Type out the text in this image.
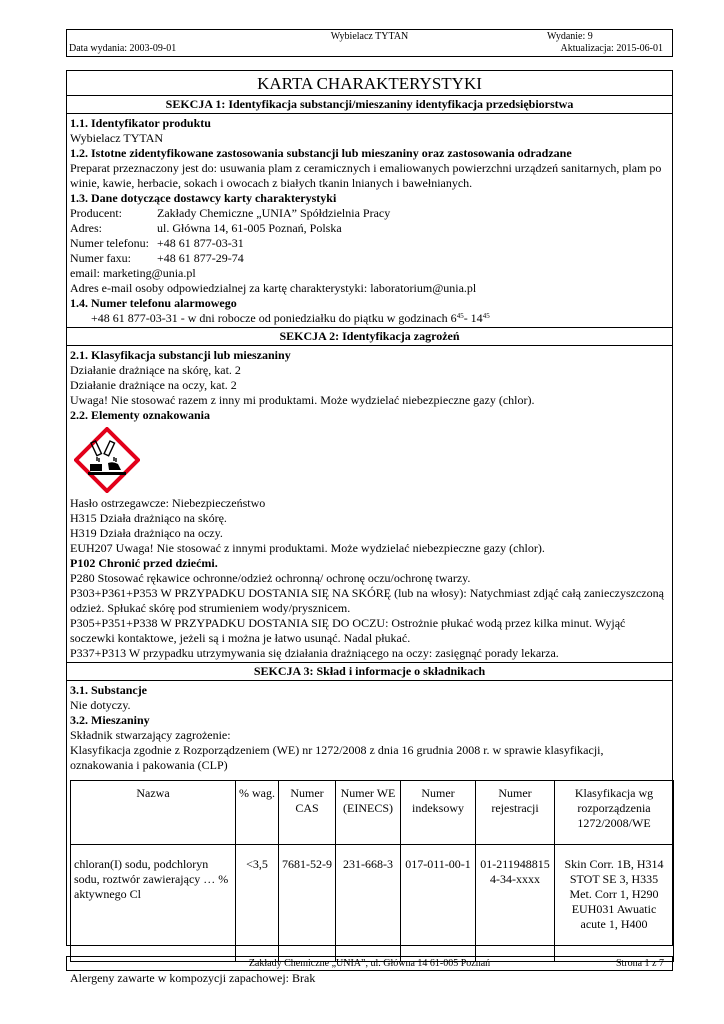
Wybielacz TYTAN	Wydanie: 9
Data wydania: 2003-09-01	Aktualizacja: 2015-06-01
KARTA CHARAKTERYSTYKI
SEKCJA 1: Identyfikacja substancji/mieszaniny identyfikacja przedsiębiorstwa

1.1. Identyfikator produktu

Wybielacz TYTAN

1.2. Istotne zidentyfikowane zastosowania substancji lub mieszaniny oraz zastosowania odradzane

Preparat przeznaczony jest do: usuwania plam z ceramicznych i emaliowanych powierzchni urządzeń sanitarnych, plam po winie, kawie, herbacie, sokach i owocach z białych tkanin lnianych i bawełnianych.

1.3. Dane dotyczące dostawcy karty charakterystyki

Producent:	Zakłady Chemiczne „UNIA” Spółdzielnia Pracy
Adres:	ul. Główna 14, 61-005 Poznań, Polska
Numer telefonu: +48 61 877-03-31
Numer faxu:	+48 61 877-29-74

email: marketing@unia.pl

Adres e-mail osoby odpowiedzialnej za kartę charakterystyki: laboratorium@unia.pl

1.4. Numer telefonu alarmowego

+48 61 877-03-31 - w dni robocze od poniedziałku do piątku w godzinach $6^{45}-$ $14^{45}$

SEKCJA 2: Identyfikacja zagrożeń

2.1. Klasyfikacja substancji lub mieszaniny

Działanie drażniące na skórę, kat. 2

Działanie drażniące na oczy, kat. 2

Uwaga! Nie stosować razem z inny mi produktami. Może wydzielać niebezpieczne gazy (chlor).

2.2. Elementy oznakowania

Hasło ostrzegawcze: Niebezpieczeństwo

H315 Działa drażniąco na skórę.

H319 Działa drażniąco na oczy.

EUH207 Uwaga! Nie stosować z innymi produktami. Może wydzielać niebezpieczne gazy (chlor).

P102 Chronić przed dziećmi.

P280 Stosować rękawice ochronne/odzież ochronną/ ochronę oczu/ochronę twarzy.

P303+P361+P353 W PRZYPADKU DOSTANIA SIĘ NA SKÓRĘ (lub na włosy): Natychmiast zdjąć całą zanieczyszczoną odzież. Spłukać skórę pod strumieniem wody/prysznicem.

P305+P351+P338 W PRZYPADKU DOSTANIA SIĘ DO OCZU: Ostrożnie płukać wodą przez kilka minut. Wyjąć soczewki kontaktowe, jeżeli są i można je łatwo usunąć. Nadal płukać.

P337+P313 W przypadku utrzymywania się działania drażniącego na oczy: zasięgnąć porady lekarza.

SEKCJA 3: Skład i informacje o składnikach

3.1. Substancje

Nie dotyczy.

3.2. Mieszaniny

Składnik stwarzający zagrożenie:

Klasyfikacja zgodnie z Rozporządzeniem (WE) nr 1272/2008 z dnia 16 grudnia 2008 r. w sprawie klasyfikacji, oznakowania i pakowania (CLP)

Nazwa	% wag.	Numer CAS	Numer WE (EINECS)	Numer indeksowy	Numer rejestracji	Klasyfikacja wg rozporządzenia 1272/2008/WE
chloran(I) sodu, podchloryn sodu, roztwór zawierający … % aktywnego Cl	<3,5	7681-52-9	231-668-3	017-011-00-1	01-2119488154-34-xxxx	Skin Corr. 1B, H314 STOT SE 3, H335 Met. Corr 1, H290 EUH031 Awuatic acute 1, H400

Alergeny zawarte w kompozycji zapachowej: Brak

Zakłady Chemiczne „UNIA”, ul. Główna 14 61-005 Poznań	Strona 1 z 7
